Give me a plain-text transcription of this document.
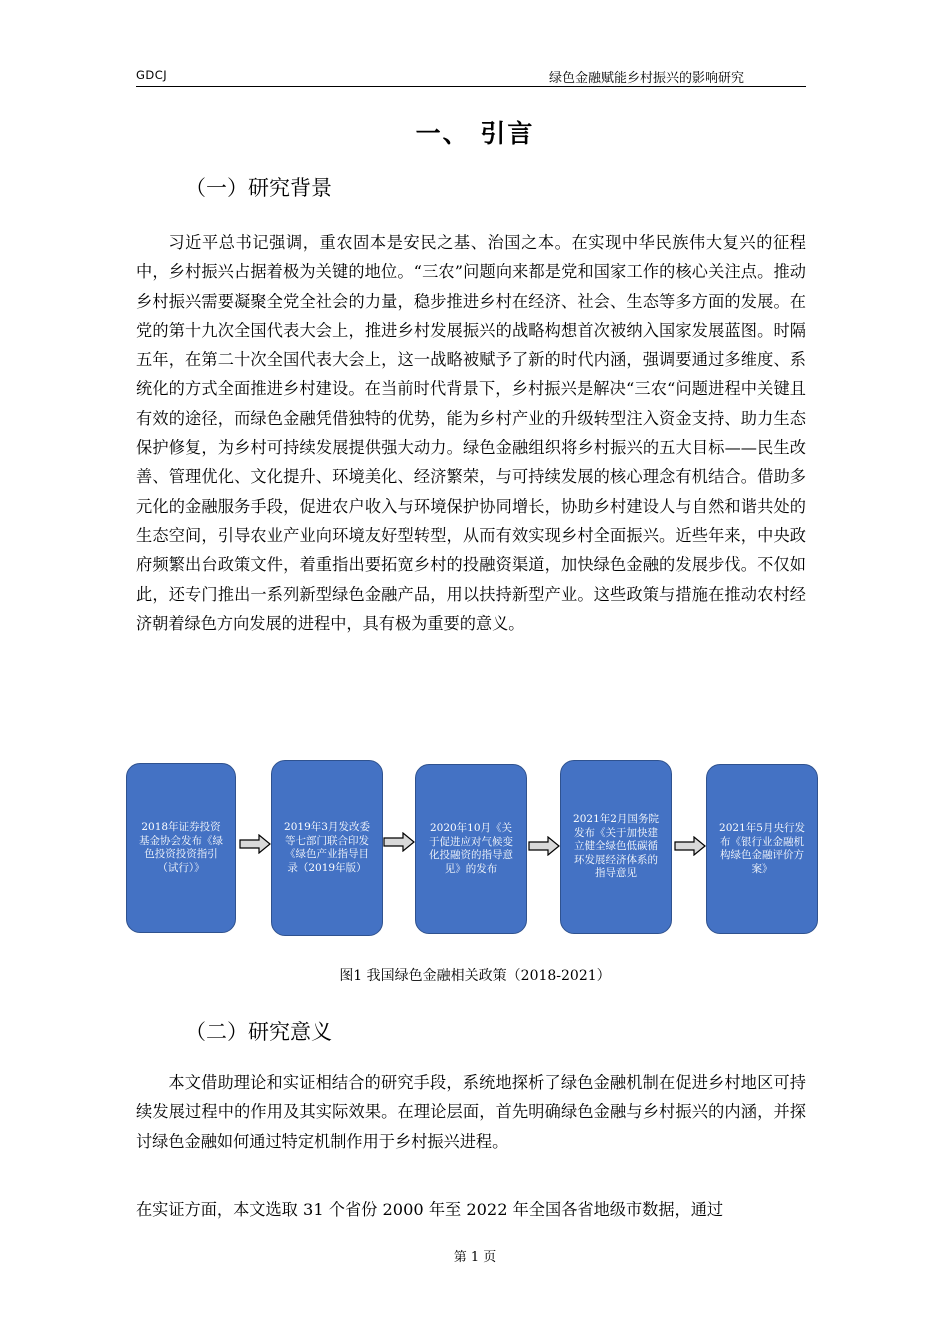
GDCJ	绿色金融赋能乡村振兴的影响研究
一、 引言
（一）研究背景

习近平总书记强调，重农固本是安民之基、治国之本。在实现中华民族伟大复兴的征程中，乡村振兴占据着极为关键的地位。“三农”问题向来都是党和国家工作的核心关注点。推动乡村振兴需要凝聚全党全社会的力量，稳步推进乡村在经济、社会、生态等多方面的发展。在党的第十九次全国代表大会上，推进乡村发展振兴的战略构想首次被纳入国家发展蓝图。时隔五年，在第二十次全国代表大会上，这一战略被赋予了新的时代内涵，强调要通过多维度、系统化的方式全面推进乡村建设。在当前时代背景下，乡村振兴是解决“三农“问题进程中关键且有效的途径，而绿色金融凭借独特的优势，能为乡村产业的升级转型注入资金支持、助力生态保护修复，为乡村可持续发展提供强大动力。绿色金融组织将乡村振兴的五大目标——民生改善、管理优化、文化提升、环境美化、经济繁荣，与可持续发展的核心理念有机结合。借助多元化的金融服务手段，促进农户收入与环境保护协同增长，协助乡村建设人与自然和谐共处的生态空间，引导农业产业向环境友好型转型，从而有效实现乡村全面振兴。近些年来，中央政府频繁出台政策文件，着重指出要拓宽乡村的投融资渠道，加快绿色金融的发展步伐。不仅如此，还专门推出一系列新型绿色金融产品，用以扶持新型产业。这些政策与措施在推动农村经济朝着绿色方向发展的进程中，具有极为重要的意义。

2018年证券投资基金协会发布《绿色投资投资指引（试行）》
2019年3月发改委等七部门联合印发《绿色产业指导目录（2019年版）
2020年10月《关于促进应对气候变化投融资的指导意见》的发布
2021年2月国务院发布《关于加快建立健全绿色低碳循环发展经济体系的指导意见
2021年5月央行发布《银行业金融机构绿色金融评价方案》
图1 我国绿色金融相关政策（2018-2021）
（二）研究意义

本文借助理论和实证相结合的研究手段，系统地探析了绿色金融机制在促进乡村地区可持续发展过程中的作用及其实际效果。在理论层面，首先明确绿色金融与乡村振兴的内涵，并探讨绿色金融如何通过特定机制作用于乡村振兴进程。

在实证方面，本文选取 31 个省份 2000 年至 2022 年全国各省地级市数据，通过

第 1 页
